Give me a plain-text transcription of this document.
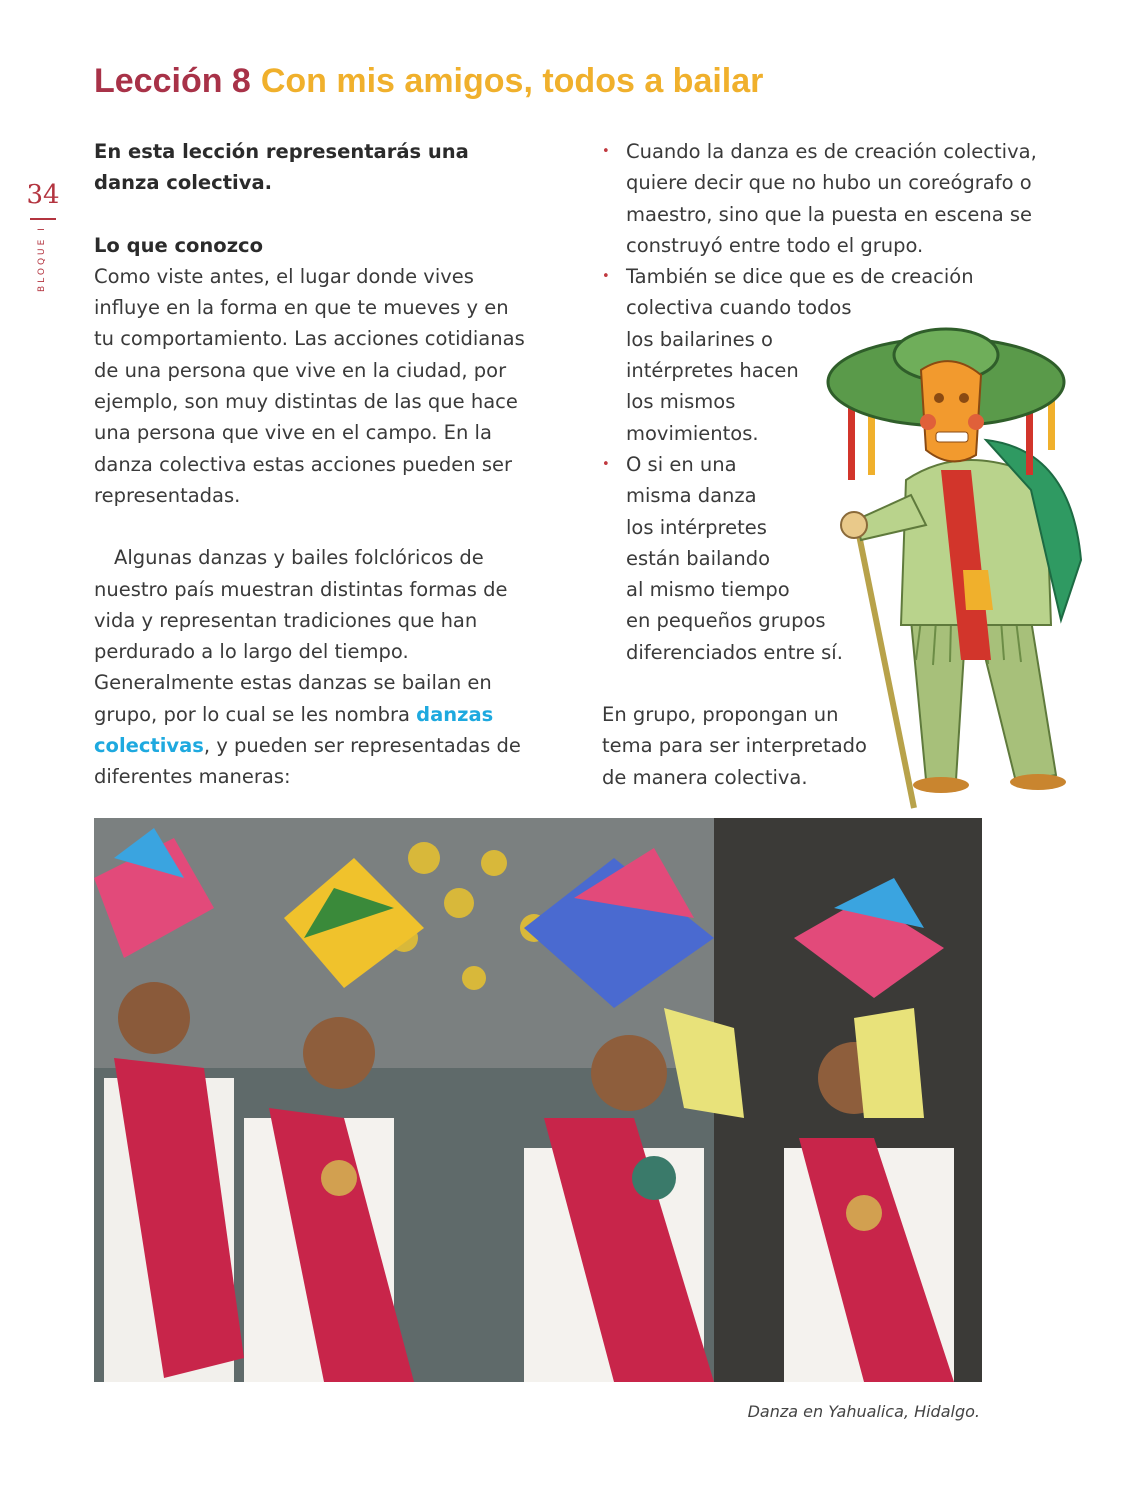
34
BLOQUE I
Lección 8 Con mis amigos, todos a bailar

En esta lección representarás una danza colectiva.

Lo que conozco

Como viste antes, el lugar donde vives influye en la forma en que te mueves y en tu comportamiento. Las acciones cotidianas de una persona que vive en la ciudad, por ejemplo, son muy distintas de las que hace una persona que vive en el campo. En la danza colectiva estas acciones pueden ser representadas.

Algunas danzas y bailes folclóricos de nuestro país muestran distintas formas de vida y representan tradiciones que han perdurado a lo largo del tiempo. Generalmente estas danzas se bailan en grupo, por lo cual se les nombra danzas colectivas, y pueden ser representadas de diferentes maneras:

• Cuando la danza es de creación colectiva, quiere decir que no hubo un coreógrafo o maestro, sino que la puesta en escena se construyó entre todo el grupo.
• También se dice que es de creación
colectiva cuando todos
los bailarines o
intérpretes hacen
los mismos
movimientos.
• O si en una
misma danza
los intérpretes
están bailando
al mismo tiempo
en pequeños grupos
diferenciados entre sí.

En grupo, propongan un
tema para ser interpretado
de manera colectiva.

Danza en Yahualica, Hidalgo.
